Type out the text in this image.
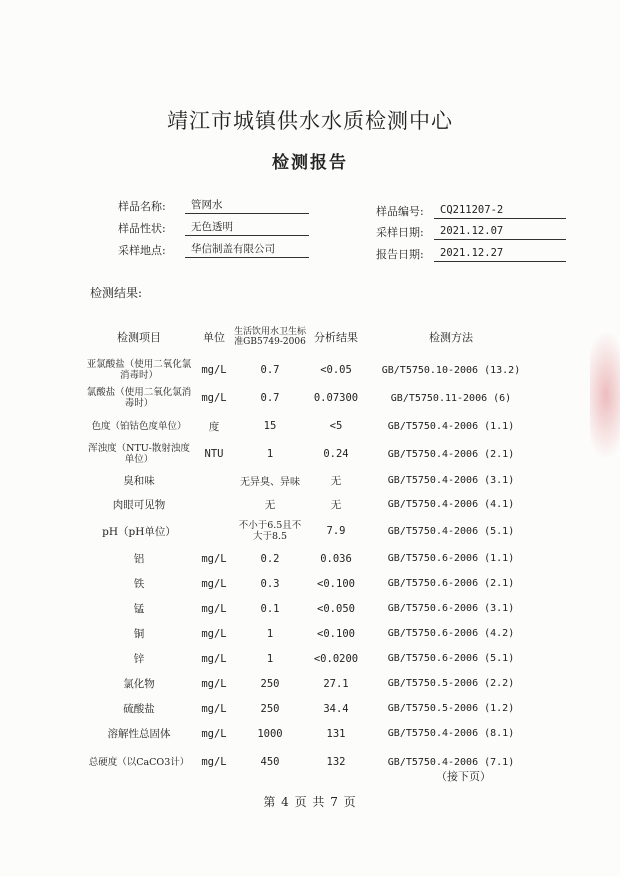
靖江市城镇供水水质检测中心
检测报告
样品名称:	管网水
样品性状:	无色透明
采样地点:	华信制盖有限公司
样品编号:	CQ211207-2
采样日期:	2021.12.07
报告日期:	2021.12.27
检测结果:
检测项目	单位	生活饮用水卫生标准GB5749-2006	分析结果	检测方法
亚氯酸盐（使用二氧化氯消毒时）	mg/L	0.7	<0.05	GB/T5750.10-2006 (13.2)
氯酸盐（使用二氧化氯消毒时）	mg/L	0.7	0.07300	GB/T5750.11-2006 (6)
色度（铂钴色度单位）	度	15	<5	GB/T5750.4-2006 (1.1)
浑浊度（NTU-散射浊度单位）	NTU	1	0.24	GB/T5750.4-2006 (2.1)
臭和味		无异臭、异味	无	GB/T5750.4-2006 (3.1)
肉眼可见物		无	无	GB/T5750.4-2006 (4.1)
pH（pH单位）		不小于6.5且不大于8.5	7.9	GB/T5750.4-2006 (5.1)
铝	mg/L	0.2	0.036	GB/T5750.6-2006 (1.1)
铁	mg/L	0.3	<0.100	GB/T5750.6-2006 (2.1)
锰	mg/L	0.1	<0.050	GB/T5750.6-2006 (3.1)
铜	mg/L	1	<0.100	GB/T5750.6-2006 (4.2)
锌	mg/L	1	<0.0200	GB/T5750.6-2006 (5.1)
氯化物	mg/L	250	27.1	GB/T5750.5-2006 (2.2)
硫酸盐	mg/L	250	34.4	GB/T5750.5-2006 (1.2)
溶解性总固体	mg/L	1000	131	GB/T5750.4-2006 (8.1)
总硬度（以CaCO3计）	mg/L	450	132	GB/T5750.4-2006 (7.1)
（接下页）
第 4 页 共 7 页
